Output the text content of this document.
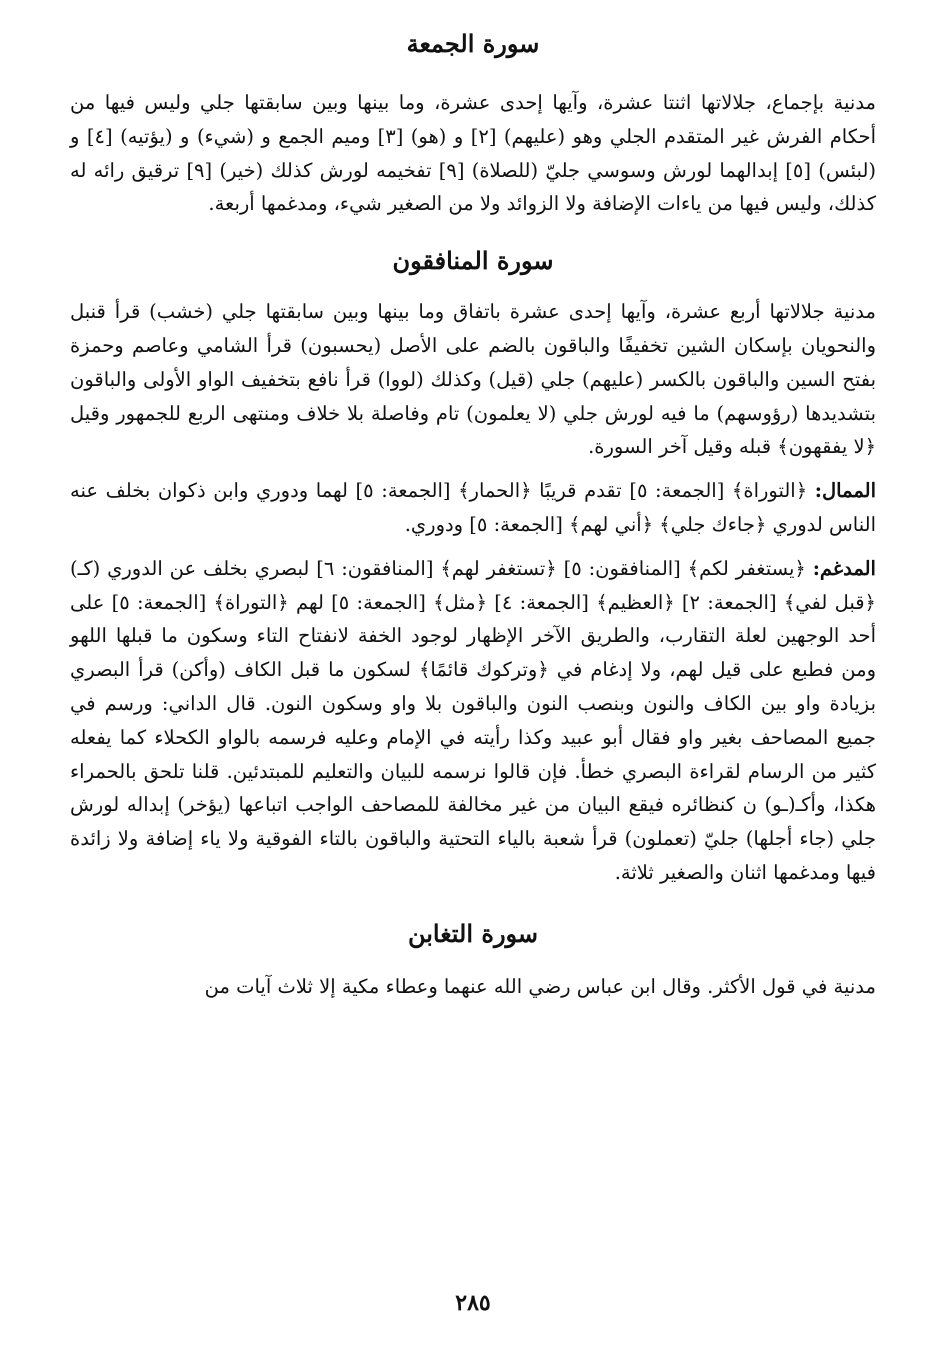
سورة الجمعة

مدنية بإجماع، جلالاتها اثنتا عشرة، وآيها إحدى عشرة، وما بينها وبين سابقتها جلي وليس فيها من أحكام الفرش غير المتقدم الجلي وهو (عليهم) [٢] و (هو) [٣] وميم الجمع و (شيء) و (يؤتيه) [٤] و (لبئس) [٥] إبدالهما لورش وسوسي جليّ (للصلاة) [٩] تفخيمه لورش كذلك (خير) [٩] ترقيق رائه له كذلك، وليس فيها من ياءات الإضافة ولا الزوائد ولا من الصغير شيء، ومدغمها أربعة.

سورة المنافقون

مدنية جلالاتها أربع عشرة، وآيها إحدى عشرة باتفاق وما بينها وبين سابقتها جلي (خشب) قرأ قنبل والنحويان بإسكان الشين تخفيفًا والباقون بالضم على الأصل (يحسبون) قرأ الشامي وعاصم وحمزة بفتح السين والباقون بالكسر (عليهم) جلي (قيل) وكذلك (لووا) قرأ نافع بتخفيف الواو الأولى والباقون بتشديدها (رؤوسهم) ما فيه لورش جلي (لا يعلمون) تام وفاصلة بلا خلاف ومنتهى الربع للجمهور وقيل ﴿لا يفقهون﴾ قبله وقيل آخر السورة.

الممال: ﴿التوراة﴾ [الجمعة: ٥] تقدم قريبًا ﴿الحمار﴾ [الجمعة: ٥] لهما ودوري وابن ذكوان بخلف عنه الناس لدوري ﴿جاءك جلي﴾ ﴿أني لهم﴾ [الجمعة: ٥] ودوري.

المدغم: ﴿يستغفر لكم﴾ [المنافقون: ٥] ﴿تستغفر لهم﴾ [المنافقون: ٦] لبصري بخلف عن الدوري (كـ) ﴿قبل لفي﴾ [الجمعة: ٢] ﴿العظيم﴾ [الجمعة: ٤] ﴿مثل﴾ [الجمعة: ٥] لهم ﴿التوراة﴾ [الجمعة: ٥] على أحد الوجهين لعلة التقارب، والطريق الآخر الإظهار لوجود الخفة لانفتاح التاء وسكون ما قبلها اللهو ومن فطبع على قيل لهم، ولا إدغام في ﴿وتركوك قائمًا﴾ لسكون ما قبل الكاف (وأكن) قرأ البصري بزيادة واو بين الكاف والنون وبنصب النون والباقون بلا واو وسكون النون. قال الداني: ورسم في جميع المصاحف بغير واو فقال أبو عبيد وكذا رأيته في الإمام وعليه فرسمه بالواو الكحلاء كما يفعله كثير من الرسام لقراءة البصري خطأ. فإن قالوا نرسمه للبيان والتعليم للمبتدئين. قلنا تلحق بالحمراء هكذا، وأكـ(ـو) ن كنظائره فيقع البيان من غير مخالفة للمصاحف الواجب اتباعها (يؤخر) إبداله لورش جلي (جاء أجلها) جليّ (تعملون) قرأ شعبة بالياء التحتية والباقون بالتاء الفوقية ولا ياء إضافة ولا زائدة فيها ومدغمها اثنان والصغير ثلاثة.

سورة التغابن

مدنية في قول الأكثر. وقال ابن عباس رضي الله عنهما وعطاء مكية إلا ثلاث آيات من

٢٨٥
